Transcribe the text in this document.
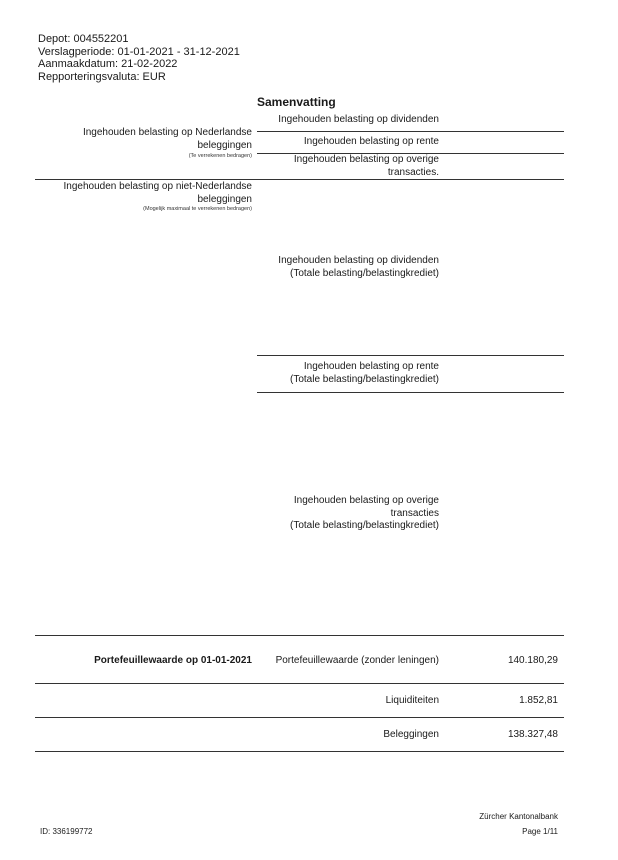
Depot: 004552201
Verslagperiode: 01-01-2021 - 31-12-2021
Aanmaakdatum: 21-02-2022
Repporteringsvaluta: EUR
Samenvatting
Ingehouden belasting op Nederlandse
beleggingen
(Te verrekenen bedragen)
Ingehouden belasting op dividenden
Ingehouden belasting op rente
Ingehouden belasting op overige
transacties.
Ingehouden belasting op niet-Nederlandse
beleggingen
(Mogelijk maximaal te verrekenen bedragen)
Ingehouden belasting op dividenden
(Totale belasting/belastingkrediet)
Ingehouden belasting op rente
(Totale belasting/belastingkrediet)
Ingehouden belasting op overige
transacties
(Totale belasting/belastingkrediet)
Portefeuillewaarde op 01-01-2021	Portefeuillewaarde (zonder leningen)	140.180,29
Liquiditeiten	1.852,81
Beleggingen	138.327,48
Zürcher Kantonalbank
ID: 336199772	Page 1/11
